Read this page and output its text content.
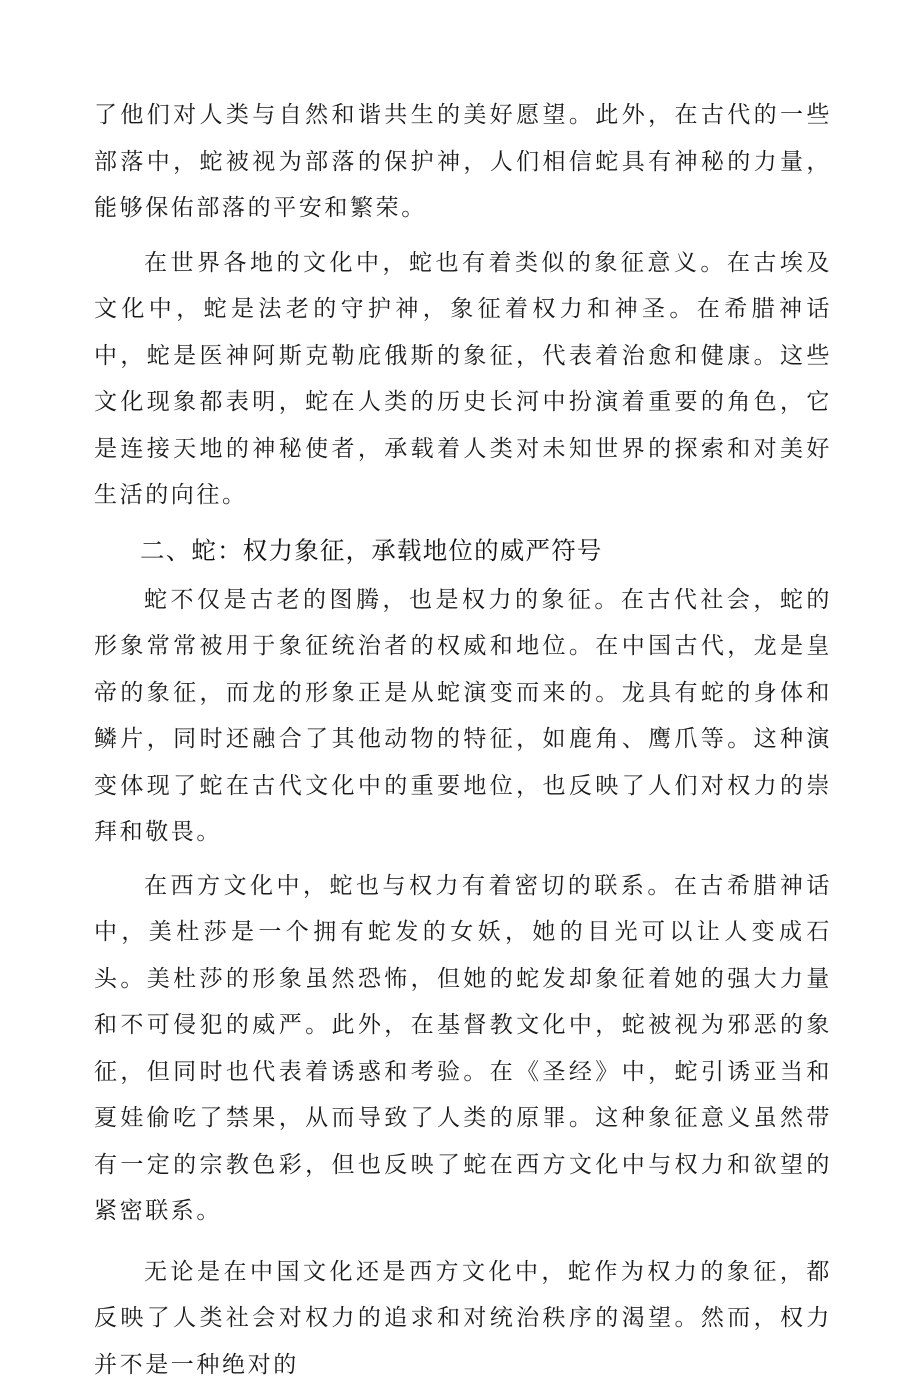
了他们对人类与自然和谐共生的美好愿望。此外，在古代的一些部落中，蛇被视为部落的保护神，人们相信蛇具有神秘的力量，能够保佑部落的平安和繁荣。

在世界各地的文化中，蛇也有着类似的象征意义。在古埃及文化中，蛇是法老的守护神，象征着权力和神圣。在希腊神话中，蛇是医神阿斯克勒庇俄斯的象征，代表着治愈和健康。这些文化现象都表明，蛇在人类的历史长河中扮演着重要的角色，它是连接天地的神秘使者，承载着人类对未知世界的探索和对美好生活的向往。

二、蛇：权力象征，承载地位的威严符号

蛇不仅是古老的图腾，也是权力的象征。在古代社会，蛇的形象常常被用于象征统治者的权威和地位。在中国古代，龙是皇帝的象征，而龙的形象正是从蛇演变而来的。龙具有蛇的身体和鳞片，同时还融合了其他动物的特征，如鹿角、鹰爪等。这种演变体现了蛇在古代文化中的重要地位，也反映了人们对权力的崇拜和敬畏。

在西方文化中，蛇也与权力有着密切的联系。在古希腊神话中，美杜莎是一个拥有蛇发的女妖，她的目光可以让人变成石头。美杜莎的形象虽然恐怖，但她的蛇发却象征着她的强大力量和不可侵犯的威严。此外，在基督教文化中，蛇被视为邪恶的象征，但同时也代表着诱惑和考验。在《圣经》中，蛇引诱亚当和夏娃偷吃了禁果，从而导致了人类的原罪。这种象征意义虽然带有一定的宗教色彩，但也反映了蛇在西方文化中与权力和欲望的紧密联系。

无论是在中国文化还是西方文化中，蛇作为权力的象征，都反映了人类社会对权力的追求和对统治秩序的渴望。然而，权力并不是一种绝对的
